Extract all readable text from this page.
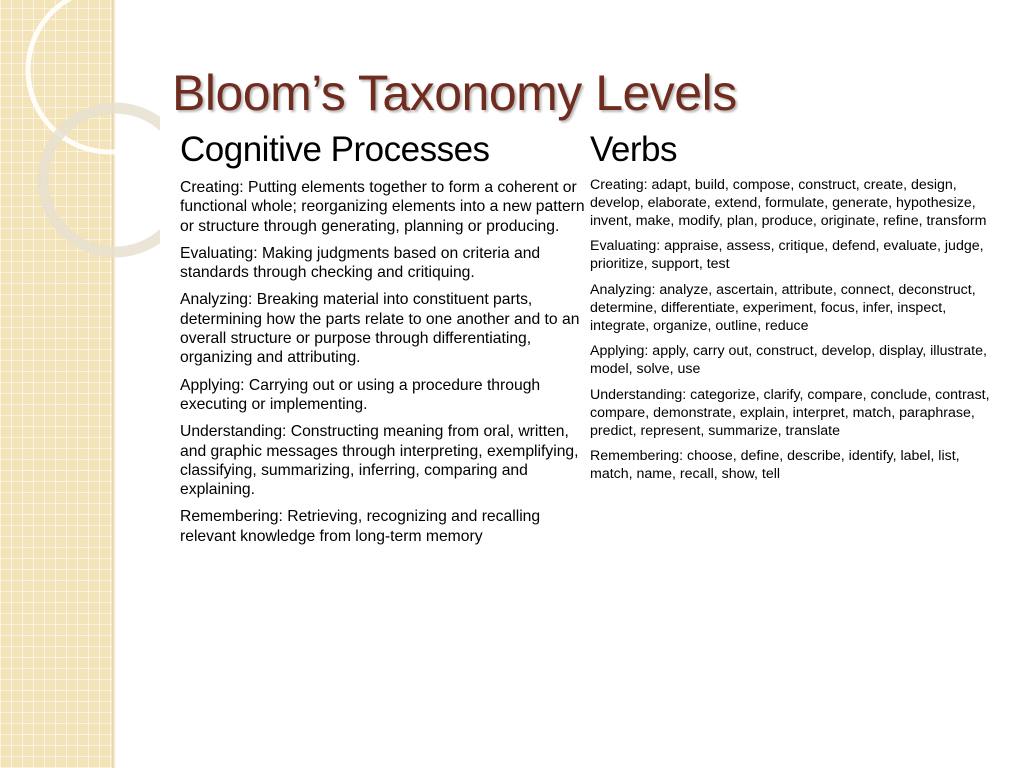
Bloom’s Taxonomy Levels

Cognitive Processes

Creating: Putting elements together to form a coherent or functional whole; reorganizing elements into a new pattern or structure through generating, planning or producing.

Evaluating: Making judgments based on criteria and standards through checking and critiquing.

Analyzing: Breaking material into constituent parts, determining how the parts relate to one another and to an overall structure or purpose through differentiating, organizing and attributing.

Applying: Carrying out or using a procedure through executing or implementing.

Understanding: Constructing meaning from oral, written, and graphic messages through interpreting, exemplifying, classifying, summarizing, inferring, comparing and explaining.

Remembering: Retrieving, recognizing and recalling relevant knowledge from long-term memory

Verbs

Creating: adapt, build, compose, construct, create, design, develop, elaborate, extend, formulate, generate, hypothesize, invent, make, modify, plan, produce, originate, refine, transform

Evaluating: appraise, assess, critique, defend, evaluate, judge, prioritize, support, test

Analyzing: analyze, ascertain, attribute, connect, deconstruct, determine, differentiate, experiment, focus, infer, inspect, integrate, organize, outline, reduce

Applying: apply, carry out, construct, develop, display, illustrate, model, solve, use

Understanding: categorize, clarify, compare, conclude, contrast, compare, demonstrate, explain, interpret, match, paraphrase, predict, represent, summarize, translate

Remembering: choose, define, describe, identify, label, list, match, name, recall, show, tell
